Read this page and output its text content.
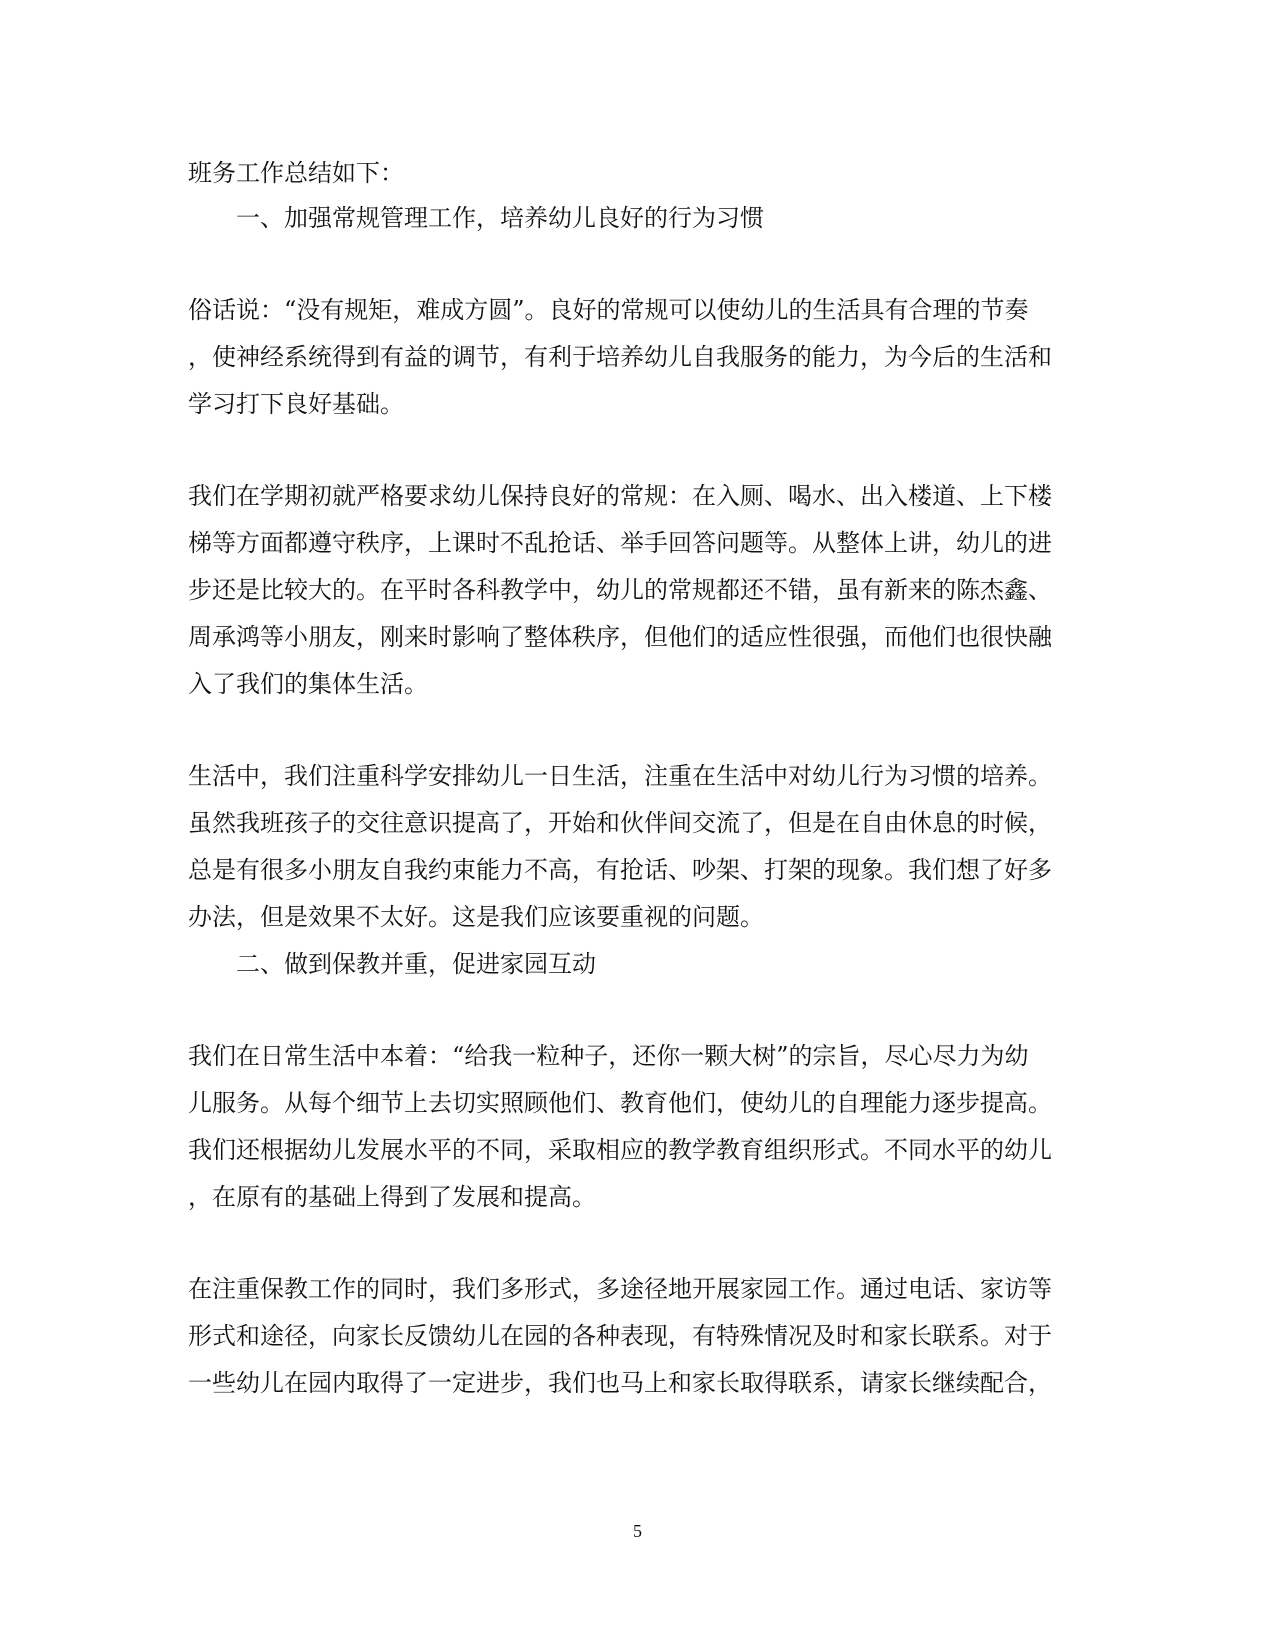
班务工作总结如下：
一、加强常规管理工作，培养幼儿良好的行为习惯
俗话说：“没有规矩，难成方圆”。良好的常规可以使幼儿的生活具有合理的节奏
，使神经系统得到有益的调节，有利于培养幼儿自我服务的能力，为今后的生活和
学习打下良好基础。
我们在学期初就严格要求幼儿保持良好的常规：在入厕、喝水、出入楼道、上下楼
梯等方面都遵守秩序，上课时不乱抢话、举手回答问题等。从整体上讲，幼儿的进
步还是比较大的。在平时各科教学中，幼儿的常规都还不错，虽有新来的陈杰鑫、
周承鸿等小朋友，刚来时影响了整体秩序，但他们的适应性很强，而他们也很快融
入了我们的集体生活。
生活中，我们注重科学安排幼儿一日生活，注重在生活中对幼儿行为习惯的培养。
虽然我班孩子的交往意识提高了，开始和伙伴间交流了，但是在自由休息的时候，
总是有很多小朋友自我约束能力不高，有抢话、吵架、打架的现象。我们想了好多
办法，但是效果不太好。这是我们应该要重视的问题。
二、做到保教并重，促进家园互动
我们在日常生活中本着：“给我一粒种子，还你一颗大树”的宗旨，尽心尽力为幼
儿服务。从每个细节上去切实照顾他们、教育他们，使幼儿的自理能力逐步提高。
我们还根据幼儿发展水平的不同，采取相应的教学教育组织形式。不同水平的幼儿
，在原有的基础上得到了发展和提高。
在注重保教工作的同时，我们多形式，多途径地开展家园工作。通过电话、家访等
形式和途径，向家长反馈幼儿在园的各种表现，有特殊情况及时和家长联系。对于
一些幼儿在园内取得了一定进步，我们也马上和家长取得联系，请家长继续配合，
5
